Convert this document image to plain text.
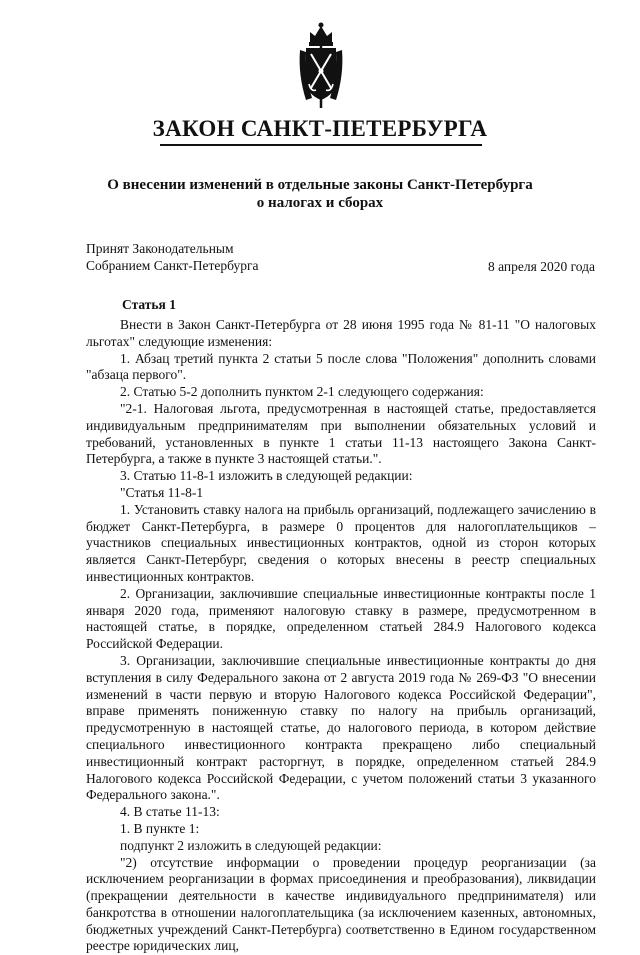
ЗАКОН САНКТ-ПЕТЕРБУРГА
О внесении изменений в отдельные законы Санкт-Петербурга
о налогах и сборах
Принят Законодательным
Собранием Санкт-Петербурга	8 апреля 2020 года
Статья 1

Внести в Закон Санкт-Петербурга от 28 июня 1995 года № 81-11 "О налоговых льготах" следующие изменения:

1. Абзац третий пункта 2 статьи 5 после слова "Положения" дополнить словами "абзаца первого".

2. Статью 5-2 дополнить пунктом 2-1 следующего содержания:

"2-1. Налоговая льгота, предусмотренная в настоящей статье, предоставляется индивидуальным предпринимателям при выполнении обязательных условий и требований, установленных в пункте 1 статьи 11-13 настоящего Закона Санкт-Петербурга, а также в пункте 3 настоящей статьи.".

3. Статью 11-8-1 изложить в следующей редакции:

"Статья 11-8-1

1. Установить ставку налога на прибыль организаций, подлежащего зачислению в бюджет Санкт-Петербурга, в размере 0 процентов для налогоплательщиков – участников специальных инвестиционных контрактов, одной из сторон которых является Санкт-Петербург, сведения о которых внесены в реестр специальных инвестиционных контрактов.

2. Организации, заключившие специальные инвестиционные контракты после 1 января 2020 года, применяют налоговую ставку в размере, предусмотренном в настоящей статье, в порядке, определенном статьей 284.9 Налогового кодекса Российской Федерации.

3. Организации, заключившие специальные инвестиционные контракты до дня вступления в силу Федерального закона от 2 августа 2019 года № 269-ФЗ "О внесении изменений в части первую и вторую Налогового кодекса Российской Федерации", вправе применять пониженную ставку по налогу на прибыль организаций, предусмотренную в настоящей статье, до налогового периода, в котором действие специального инвестиционного контракта прекращено либо специальный инвестиционный контракт расторгнут, в порядке, определенном статьей 284.9 Налогового кодекса Российской Федерации, с учетом положений статьи 3 указанного Федерального закона.".

4. В статье 11-13:

1. В пункте 1:

подпункт 2 изложить в следующей редакции:

"2) отсутствие информации о проведении процедур реорганизации (за исключением реорганизации в формах присоединения и преобразования), ликвидации (прекращении деятельности в качестве индивидуального предпринимателя) или банкротства в отношении налогоплательщика (за исключением казенных, автономных, бюджетных учреждений Санкт-Петербурга) соответственно в Едином государственном реестре юридических лиц,
